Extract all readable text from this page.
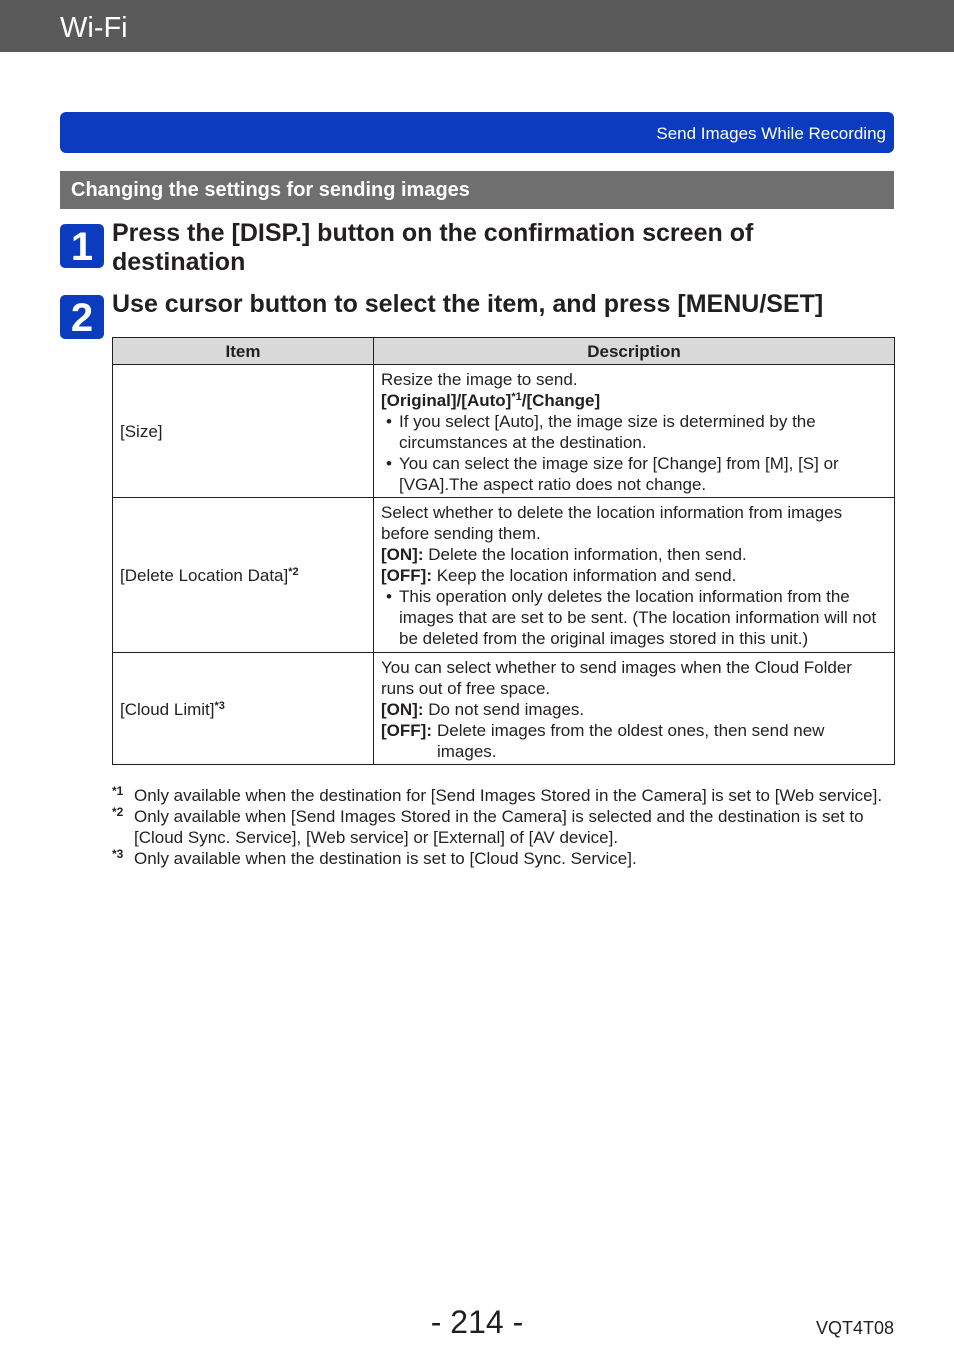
Wi-Fi
Send Images While Recording
Changing the settings for sending images
1 Press the [DISP.] button on the confirmation screen of destination
2 Use cursor button to select the item, and press [MENU/SET]
Item	Description
[Size]	Resize the image to send.
[Original]/[Auto]$^{*1}$/[Change]
• If you select [Auto], the image size is determined by the circumstances at the destination.
• You can select the image size for [Change] from [M], [S] or [VGA].The aspect ratio does not change.

[Delete Location Data]$^{*2}$	Select whether to delete the location information from images before sending them.
[ON]: Delete the location information, then send.
[OFF]: Keep the location information and send.
• This operation only deletes the location information from the images that are set to be sent. (The location information will not be deleted from the original images stored in this unit.)

[Cloud Limit]$^{*3}$	You can select whether to send images when the Cloud Folder runs out of free space.
[ON]: Do not send images.
[OFF]: Delete images from the oldest ones, then send new images.
*1 Only available when the destination for [Send Images Stored in the Camera] is set to [Web service].
*2 Only available when [Send Images Stored in the Camera] is selected and the destination is set to [Cloud Sync. Service], [Web service] or [External] of [AV device].
*3 Only available when the destination is set to [Cloud Sync. Service].
- 214 -	VQT4T08
